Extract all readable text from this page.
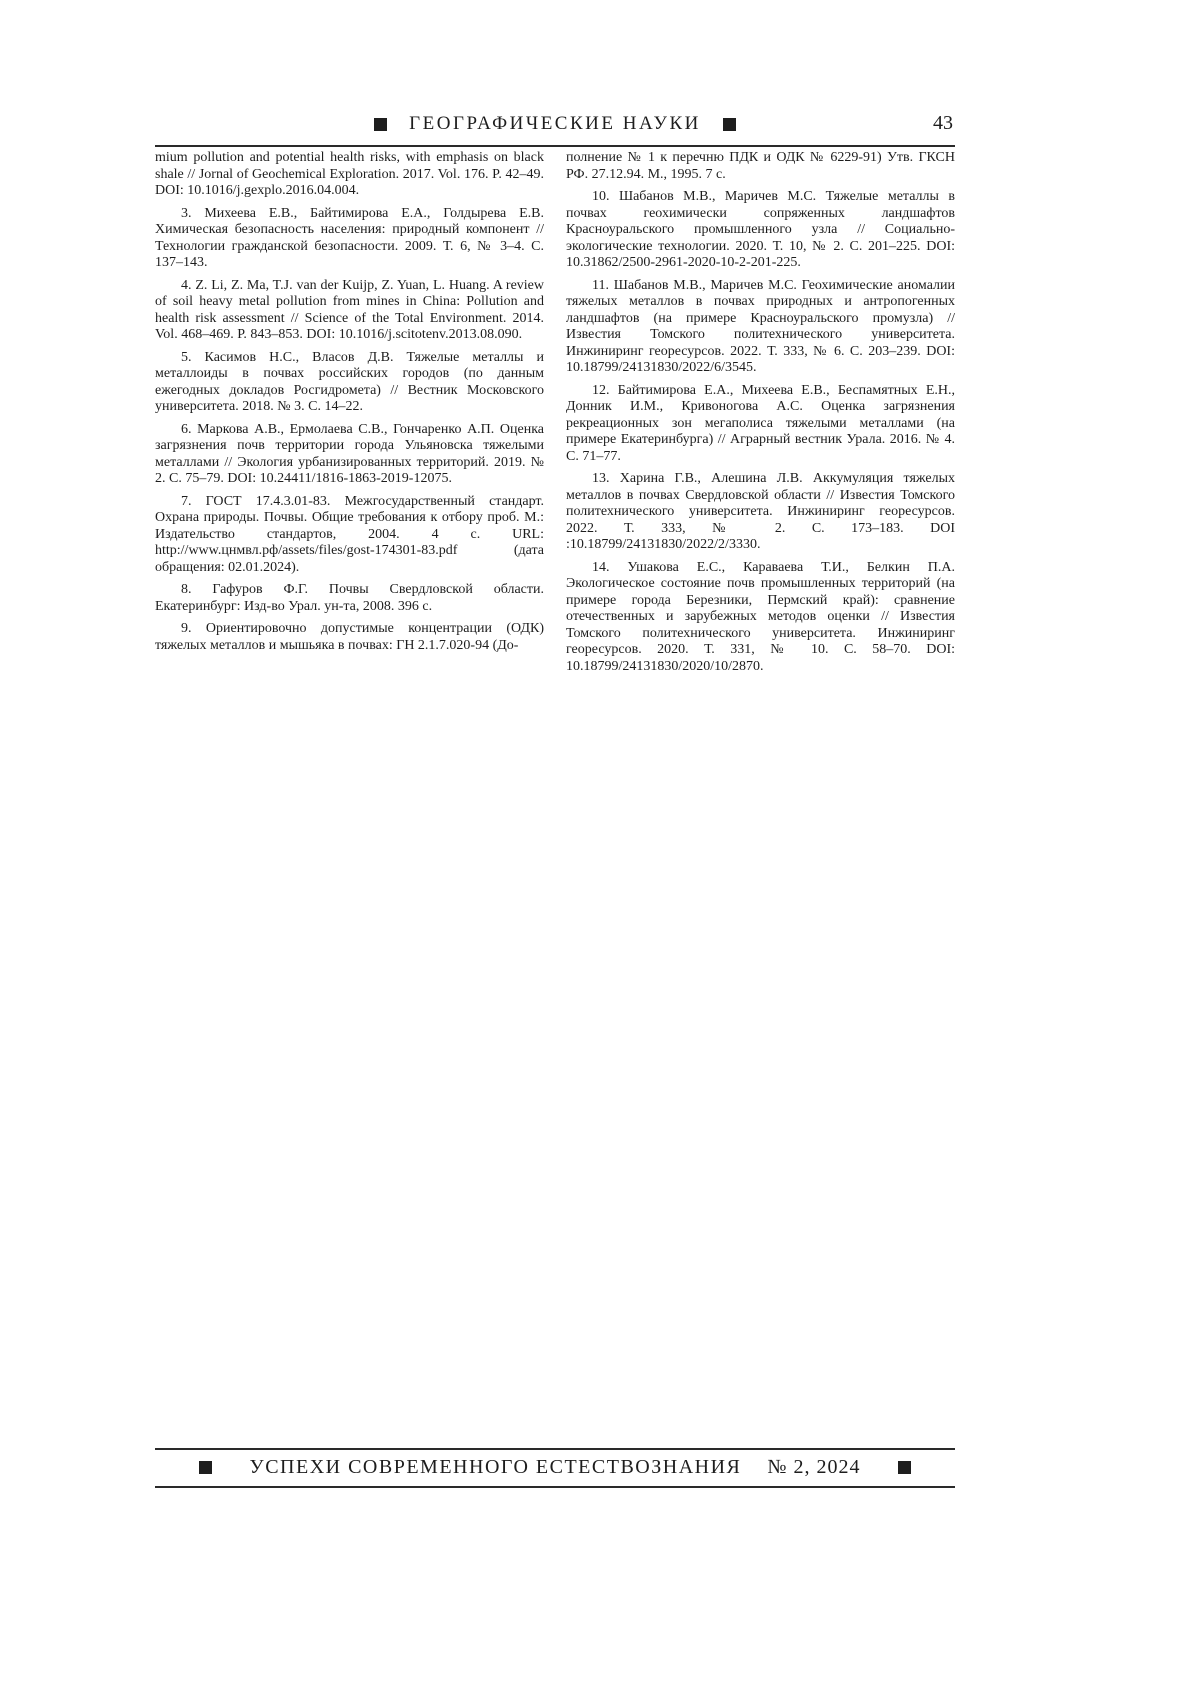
ГЕОГРАФИЧЕСКИЕ НАУКИ	43

mium pollution and potential health risks, with emphasis on black shale // Jornal of Geochemical Exploration. 2017. Vol. 176. P. 42–49. DOI: 10.1016/j.gexplo.2016.04.004.

3. Михеева Е.В., Байтимирова Е.А., Голдырева Е.В. Химическая безопасность населения: природный компонент // Технологии гражданской безопасности. 2009. Т. 6, № 3–4. С. 137–143.

4. Z. Li, Z. Ma, T.J. van der Kuijp, Z. Yuan, L. Huang. A review of soil heavy metal pollution from mines in China: Pollution and health risk assessment // Science of the Total Environment. 2014. Vol. 468–469. P. 843–853. DOI: 10.1016/j.scitotenv.2013.08.090.

5. Касимов Н.С., Власов Д.В. Тяжелые металлы и металлоиды в почвах российских городов (по данным ежегодных докладов Росгидромета) // Вестник Московского университета. 2018. № 3. С. 14–22.

6. Маркова А.В., Ермолаева С.В., Гончаренко А.П. Оценка загрязнения почв территории города Ульяновска тяжелыми металлами // Экология урбанизированных территорий. 2019. № 2. С. 75–79. DOI: 10.24411/1816-1863-2019-12075.

7. ГОСТ 17.4.3.01-83. Межгосударственный стандарт. Охрана природы. Почвы. Общие требования к отбору проб. М.: Издательство стандартов, 2004. 4 с. URL: http://www.цнмвл.рф/assets/files/gost-174301-83.pdf (дата обращения: 02.01.2024).

8. Гафуров Ф.Г. Почвы Свердловской области. Екатеринбург: Изд-во Урал. ун-та, 2008. 396 с.

9. Ориентировочно допустимые концентрации (ОДК) тяжелых металлов и мышьяка в почвах: ГН 2.1.7.020-94 (До-

полнение № 1 к перечню ПДК и ОДК № 6229-91) Утв. ГКСН РФ. 27.12.94. М., 1995. 7 с.

10. Шабанов М.В., Маричев М.С. Тяжелые металлы в почвах геохимически сопряженных ландшафтов Красноуральского промышленного узла // Социально-экологические технологии. 2020. Т. 10, № 2. С. 201–225. DOI: 10.31862/2500-2961-2020-10-2-201-225.

11. Шабанов М.В., Маричев М.С. Геохимические аномалии тяжелых металлов в почвах природных и антропогенных ландшафтов (на примере Красноуральского промузла) // Известия Томского политехнического университета. Инжиниринг георесурсов. 2022. Т. 333, № 6. С. 203–239. DOI: 10.18799/24131830/2022/6/3545.

12. Байтимирова Е.А., Михеева Е.В., Беспамятных Е.Н., Донник И.М., Кривоногова А.С. Оценка загрязнения рекреационных зон мегаполиса тяжелыми металлами (на примере Екатеринбурга) // Аграрный вестник Урала. 2016. № 4. С. 71–77.

13. Харина Г.В., Алешина Л.В. Аккумуляция тяжелых металлов в почвах Свердловской области // Известия Томского политехнического университета. Инжиниринг георесурсов. 2022. Т. 333, № 2. С. 173–183. DOI :10.18799/24131830/2022/2/3330.

14. Ушакова Е.С., Караваева Т.И., Белкин П.А. Экологическое состояние почв промышленных территорий (на примере города Березники, Пермский край): сравнение отечественных и зарубежных методов оценки // Известия Томского политехнического университета. Инжиниринг георесурсов. 2020. Т. 331, № 10. С. 58–70. DOI: 10.18799/24131830/2020/10/2870.

УСПЕХИ СОВРЕМЕННОГО ЕСТЕСТВОЗНАНИЯ № 2, 2024
